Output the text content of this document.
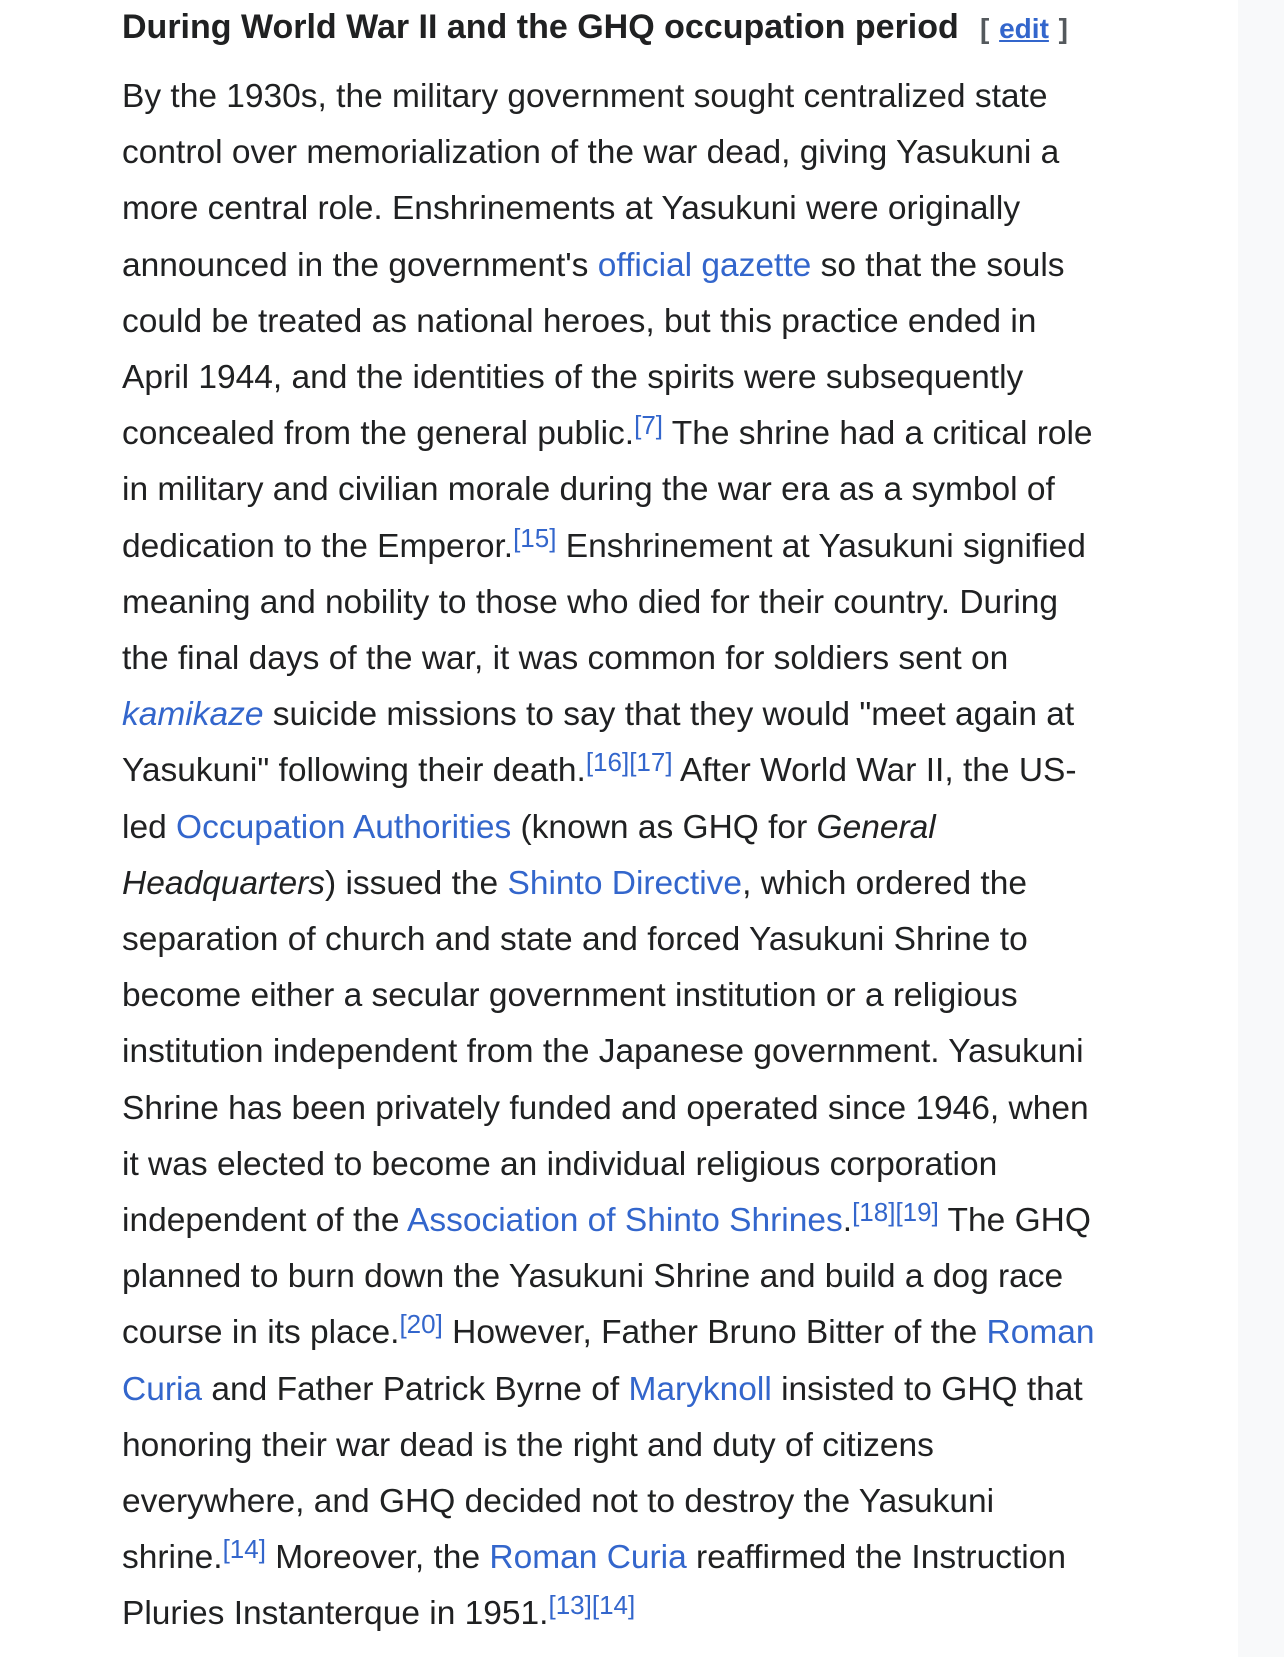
During World War II and the GHQ occupation period [ edit ]

By the 1930s, the military government sought centralized state
control over memorialization of the war dead, giving Yasukuni a
more central role. Enshrinements at Yasukuni were originally
announced in the government's official gazette so that the souls
could be treated as national heroes, but this practice ended in
April 1944, and the identities of the spirits were subsequently
concealed from the general public.[7] The shrine had a critical role
in military and civilian morale during the war era as a symbol of
dedication to the Emperor.[15] Enshrinement at Yasukuni signified
meaning and nobility to those who died for their country. During
the final days of the war, it was common for soldiers sent on
kamikaze suicide missions to say that they would "meet again at
Yasukuni" following their death.[16][17] After World War II, the US-
led Occupation Authorities (known as GHQ for General
Headquarters) issued the Shinto Directive, which ordered the
separation of church and state and forced Yasukuni Shrine to
become either a secular government institution or a religious
institution independent from the Japanese government. Yasukuni
Shrine has been privately funded and operated since 1946, when
it was elected to become an individual religious corporation
independent of the Association of Shinto Shrines.[18][19] The GHQ
planned to burn down the Yasukuni Shrine and build a dog race
course in its place.[20] However, Father Bruno Bitter of the Roman
Curia and Father Patrick Byrne of Maryknoll insisted to GHQ that
honoring their war dead is the right and duty of citizens
everywhere, and GHQ decided not to destroy the Yasukuni
shrine.[14] Moreover, the Roman Curia reaffirmed the Instruction
Pluries Instanterque in 1951.[13][14]
